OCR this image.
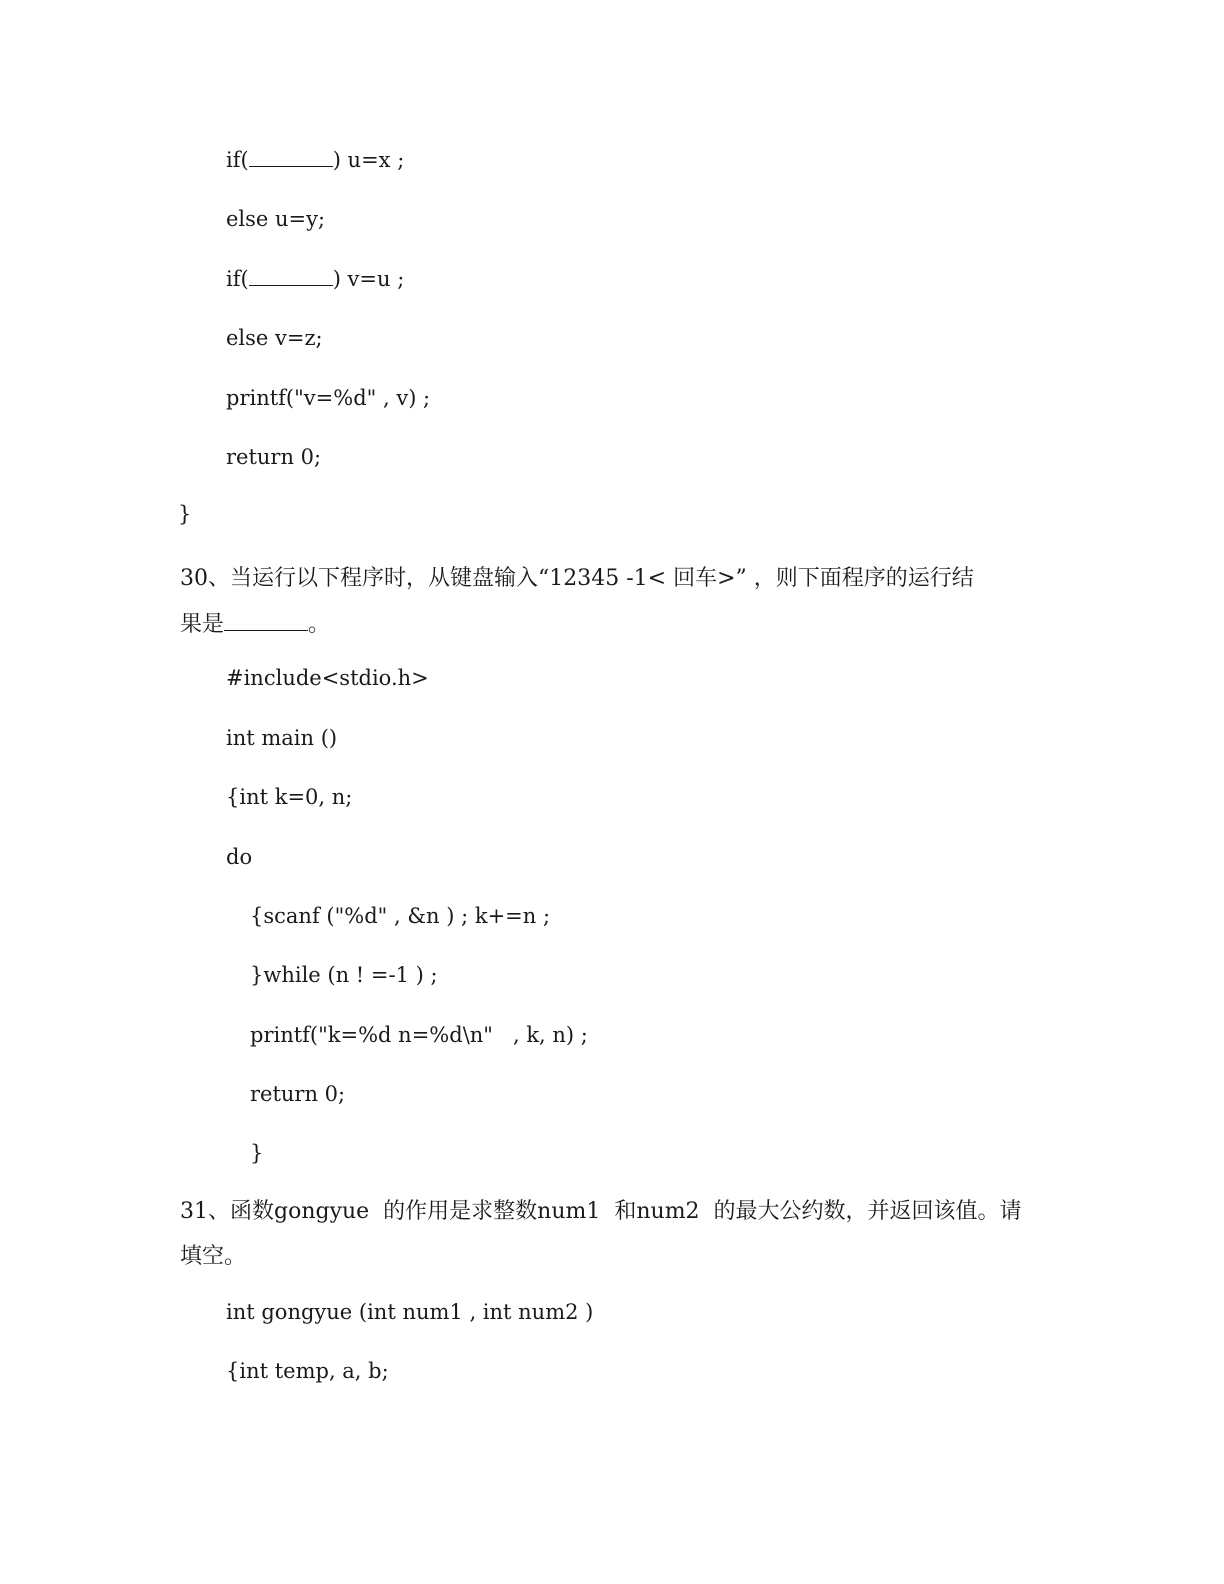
if(	) u=x ;
else u=y;
if(	) v=u ;
else v=z;
printf("v=%d" , v) ;
return 0;
}
30、当运行以下程序时，从键盘输入“12345 -1< 回车>” ，则下面程序的运行结
果是	。
#include<stdio.h>
int main ()
{int k=0, n;
do
{scanf ("%d" , &n ) ; k+=n ;
}while (n ! =-1 ) ;
printf("k=%d n=%d\n"   , k, n) ;
return 0;
}
31、函数gongyue  的作用是求整数num1  和num2  的最大公约数，并返回该值。请
填空。
int gongyue (int num1 , int num2 )
{int temp, a, b;
